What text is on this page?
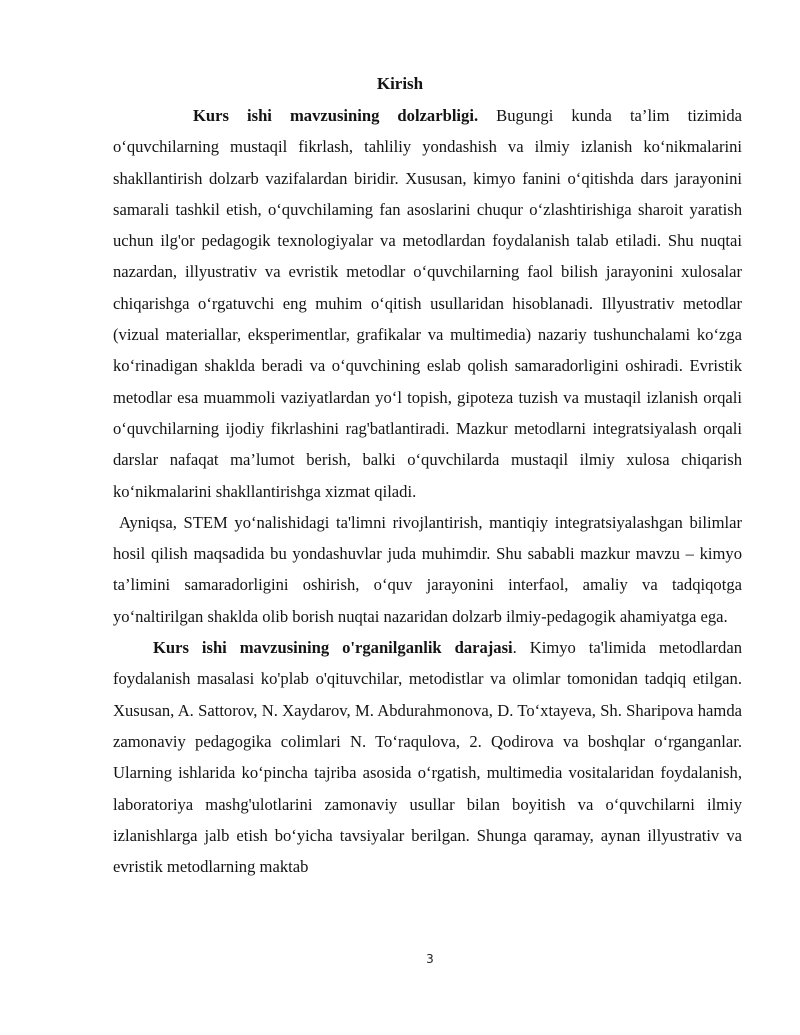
Kirish

Kurs ishi mavzusining dolzarbligi. Bugungi kunda ta’lim tizimida o‘quvchilarning mustaqil fikrlash, tahliliy yondashish va ilmiy izlanish ko‘nikmalarini shakllantirish dolzarb vazifalardan biridir. Xususan, kimyo fanini o‘qitishda dars jarayonini samarali tashkil etish, o‘quvchilaming fan asoslarini chuqur o‘zlashtirishiga sharoit yaratish uchun ilg'or pedagogik texnologiyalar va metodlardan foydalanish talab etiladi. Shu nuqtai nazardan, illyustrativ va evristik metodlar o‘quvchilarning faol bilish jarayonini xulosalar chiqarishga o‘rgatuvchi eng muhim o‘qitish usullaridan hisoblanadi. Illyustrativ metodlar (vizual materiallar, eksperimentlar, grafikalar va multimedia) nazariy tushunchalami ko‘zga ko‘rinadigan shaklda beradi va o‘quvchining eslab qolish samaradorligini oshiradi. Evristik metodlar esa muammoli vaziyatlardan yo‘l topish, gipoteza tuzish va mustaqil izlanish orqali o‘quvchilarning ijodiy fikrlashini rag'batlantiradi. Mazkur metodlarni integratsiyalash orqali darslar nafaqat ma’lumot berish, balki o‘quvchilarda mustaqil ilmiy xulosa chiqarish ko‘nikmalarini shakllantirishga xizmat qiladi.

Ayniqsa, STEM yo‘nalishidagi ta'limni rivojlantirish, mantiqiy integratsiyalashgan bilimlar hosil qilish maqsadida bu yondashuvlar juda muhimdir. Shu sababli mazkur mavzu – kimyo ta’limini samaradorligini oshirish, o‘quv jarayonini interfaol, amaliy va tadqiqotga yo‘naltirilgan shaklda olib borish nuqtai nazaridan dolzarb ilmiy-pedagogik ahamiyatga ega.

Kurs ishi mavzusining o'rganilganlik darajasi. Kimyo ta'limida metodlardan foydalanish masalasi ko'plab o'qituvchilar, metodistlar va olimlar tomonidan tadqiq etilgan. Xususan, A. Sattorov, N. Xaydarov, M. Abdurahmonova, D. To‘xtayeva, Sh. Sharipova hamda zamonaviy pedagogika colimlari N. To‘raqulova, 2. Qodirova va boshqlar o‘rganganlar. Ularning ishlarida ko‘pincha tajriba asosida o‘rgatish, multimedia vositalaridan foydalanish, laboratoriya mashg'ulotlarini zamonaviy usullar bilan boyitish va o‘quvchilarni ilmiy izlanishlarga jalb etish bo‘yicha tavsiyalar berilgan. Shunga qaramay, aynan illyustrativ va evristik metodlarning maktab

3
